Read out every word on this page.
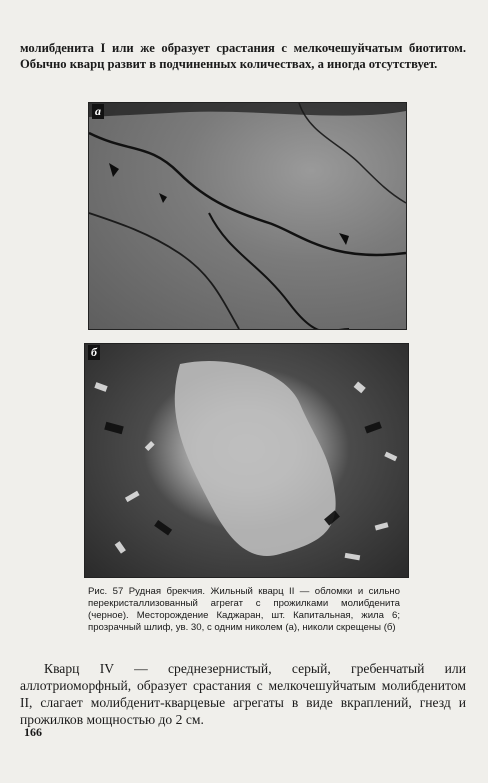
молибденита I или же образует срастания с мелкочешуйчатым биотитом. Обычно кварц развит в подчиненных количествах, а иногда отсутствует.
а
б
Рис. 57 Рудная брекчия. Жильный кварц II — обломки и сильно перекристаллизованный агрегат с прожилками молибденита (черное). Месторождение Каджаран, шт. Капитальная, жила 6; прозрачный шлиф, ув. 30, с одним николем (а), николи скрещены (б)

Кварц IV — среднезернистый, серый, гребенчатый или аллотриоморфный, образует срастания с мелкочешуйчатым молибденитом II, слагает молибденит-кварцевые агрегаты в виде вкраплений, гнезд и прожилков мощностью до 2 см.

166
